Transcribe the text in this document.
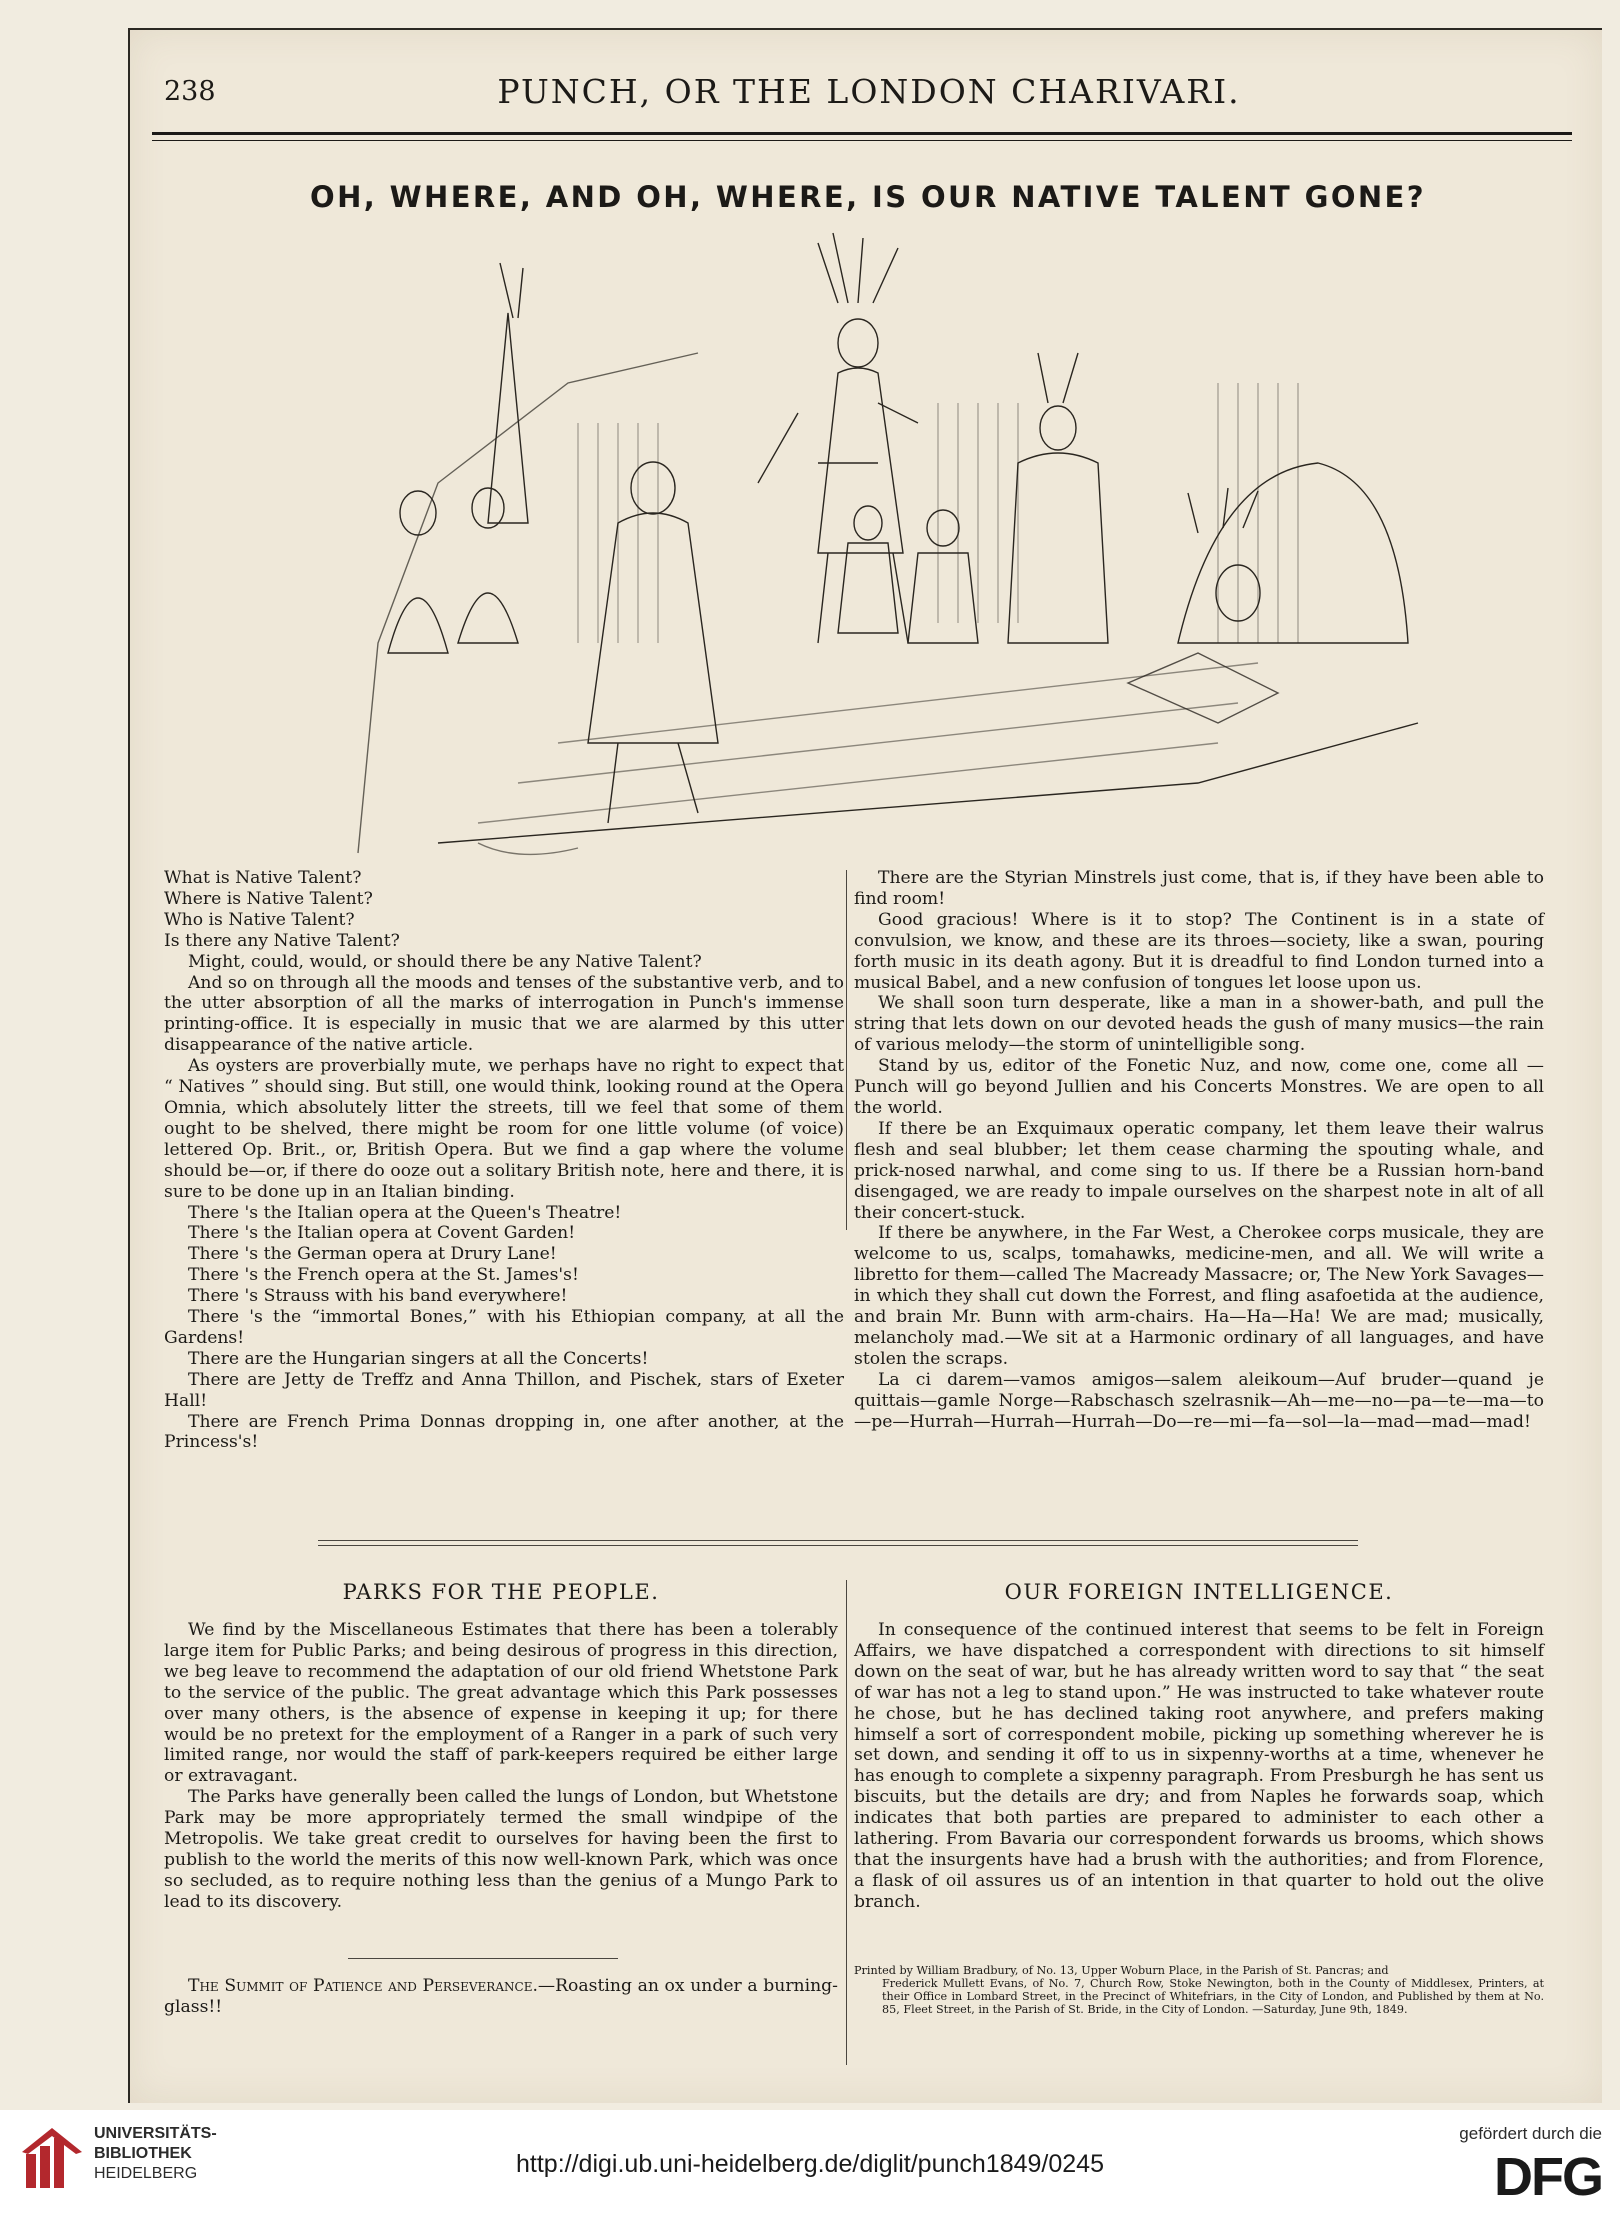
PUNCH, OR THE LONDON CHARIVARI.
238
OH, WHERE, AND OH, WHERE, IS OUR NATIVE TALENT GONE?

What is Native Talent?

Where is Native Talent?

Who is Native Talent?

Is there any Native Talent?

Might, could, would, or should there be any Native Talent?

And so on through all the moods and tenses of the substantive verb, and to the utter absorption of all the marks of interrogation in Punch's immense printing-office. It is especially in music that we are alarmed by this utter disappearance of the native article.

As oysters are proverbially mute, we perhaps have no right to expect that “ Natives ” should sing. But still, one would think, looking round at the Opera Omnia, which absolutely litter the streets, till we feel that some of them ought to be shelved, there might be room for one little volume (of voice) lettered Op. Brit., or, British Opera. But we find a gap where the volume should be—or, if there do ooze out a solitary British note, here and there, it is sure to be done up in an Italian binding.

There 's the Italian opera at the Queen's Theatre!

There 's the Italian opera at Covent Garden!

There 's the German opera at Drury Lane!

There 's the French opera at the St. James's!

There 's Strauss with his band everywhere!

There 's the “immortal Bones,” with his Ethiopian company, at all the Gardens!

There are the Hungarian singers at all the Concerts!

There are Jetty de Treffz and Anna Thillon, and Pischek, stars of Exeter Hall!

There are French Prima Donnas dropping in, one after another, at the Princess's!

There are the Styrian Minstrels just come, that is, if they have been able to find room!

Good gracious! Where is it to stop? The Continent is in a state of convulsion, we know, and these are its throes—society, like a swan, pouring forth music in its death agony. But it is dreadful to find London turned into a musical Babel, and a new confusion of tongues let loose upon us.

We shall soon turn desperate, like a man in a shower-bath, and pull the string that lets down on our devoted heads the gush of many musics—the rain of various melody—the storm of unintelligible song.

Stand by us, editor of the Fonetic Nuz, and now, come one, come all —Punch will go beyond Jullien and his Concerts Monstres. We are open to all the world.

If there be an Exquimaux operatic company, let them leave their walrus flesh and seal blubber; let them cease charming the spouting whale, and prick-nosed narwhal, and come sing to us. If there be a Russian horn-band disengaged, we are ready to impale ourselves on the sharpest note in alt of all their concert-stuck.

If there be anywhere, in the Far West, a Cherokee corps musicale, they are welcome to us, scalps, tomahawks, medicine-men, and all. We will write a libretto for them—called The Macready Massacre; or, The New York Savages—in which they shall cut down the Forrest, and fling asafoetida at the audience, and brain Mr. Bunn with arm-chairs. Ha—Ha—Ha! We are mad; musically, melancholy mad.—We sit at a Harmonic ordinary of all languages, and have stolen the scraps.

La ci darem—vamos amigos—salem aleikoum—Auf bruder—quand je quittais—gamle Norge—Rabschasch szelrasnik—Ah—me—no—pa—te—ma—to—pe—Hurrah—Hurrah—Hurrah—Do—re—mi—fa—sol—la—mad—mad—mad!

PARKS FOR THE PEOPLE.	OUR FOREIGN INTELLIGENCE.

We find by the Miscellaneous Estimates that there has been a tolerably large item for Public Parks; and being desirous of progress in this direction, we beg leave to recommend the adaptation of our old friend Whetstone Park to the service of the public. The great advantage which this Park possesses over many others, is the absence of expense in keeping it up; for there would be no pretext for the employment of a Ranger in a park of such very limited range, nor would the staff of park-keepers required be either large or extravagant.

The Parks have generally been called the lungs of London, but Whetstone Park may be more appropriately termed the small windpipe of the Metropolis. We take great credit to ourselves for having been the first to publish to the world the merits of this now well-known Park, which was once so secluded, as to require nothing less than the genius of a Mungo Park to lead to its discovery.

The Summit of Patience and Perseverance.—Roasting an ox under a burning-glass!!

In consequence of the continued interest that seems to be felt in Foreign Affairs, we have dispatched a correspondent with directions to sit himself down on the seat of war, but he has already written word to say that “ the seat of war has not a leg to stand upon.” He was instructed to take whatever route he chose, but he has declined taking root anywhere, and prefers making himself a sort of correspondent mobile, picking up something wherever he is set down, and sending it off to us in sixpenny-worths at a time, whenever he has enough to complete a sixpenny paragraph. From Presburgh he has sent us biscuits, but the details are dry; and from Naples he forwards soap, which indicates that both parties are prepared to administer to each other a lathering. From Bavaria our correspondent forwards us brooms, which shows that the insurgents have had a brush with the authorities; and from Florence, a flask of oil assures us of an intention in that quarter to hold out the olive branch.

Printed by William Bradbury, of No. 13, Upper Woburn Place, in the Parish of St. Pancras; and
Frederick Mullett Evans, of No. 7, Church Row, Stoke Newington, both in the County of Middlesex, Printers, at their Office in Lombard Street, in the Precinct of Whitefriars, in the City of London, and Published by them at No. 85, Fleet Street, in the Parish of St. Bride, in the City of London. —Saturday, June 9th, 1849.
UNIVERSITÄTS-
BIBLIOTHEK
HEIDELBERG	http://digi.ub.uni-heidelberg.de/diglit/punch1849/0245
gefördert durch die
DFG
